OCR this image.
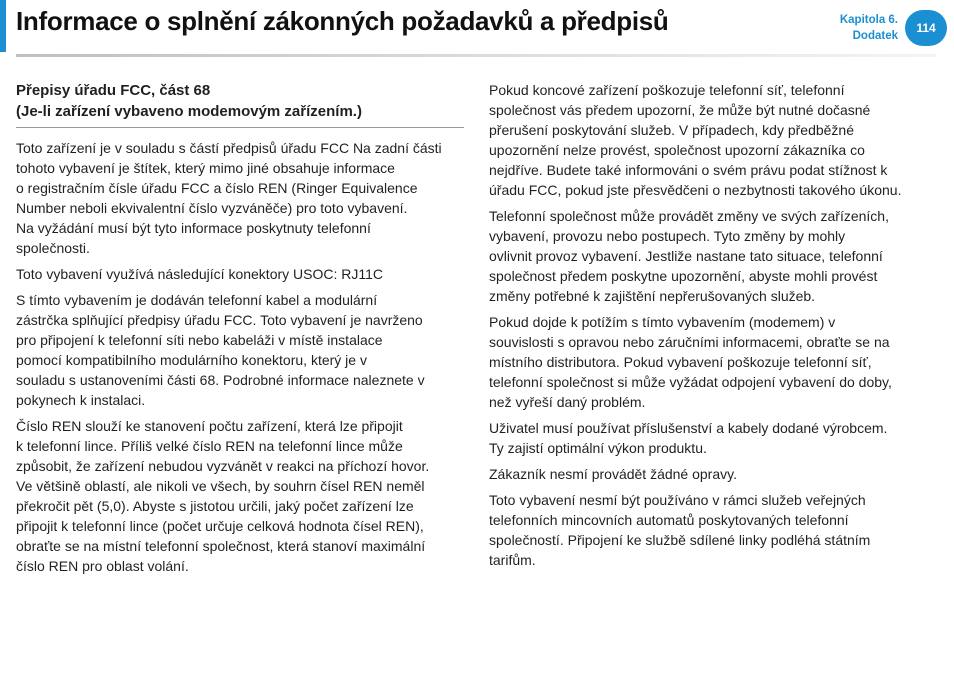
Informace o splnění zákonných požadavků a předpisů	Kapitola 6.
Dodatek
114
Přepisy úřadu FCC, část 68
(Je-li zařízení vybaveno modemovým zařízením.)

Toto zařízení je v souladu s částí předpisů úřadu FCC Na zadní části
tohoto vybavení je štítek, který mimo jiné obsahuje informace
o registračním čísle úřadu FCC a číslo REN (Ringer Equivalence
Number neboli ekvivalentní číslo vyzváněče) pro toto vybavení.
Na vyžádání musí být tyto informace poskytnuty telefonní
společnosti.

Toto vybavení využívá následující konektory USOC: RJ11C

S tímto vybavením je dodáván telefonní kabel a modulární
zástrčka splňující předpisy úřadu FCC. Toto vybavení je navrženo
pro připojení k telefonní síti nebo kabeláži v místě instalace
pomocí kompatibilního modulárního konektoru, který je v
souladu s ustanoveními části 68. Podrobné informace naleznete v
pokynech k instalaci.

Číslo REN slouží ke stanovení počtu zařízení, která lze připojit
k telefonní lince. Příliš velké číslo REN na telefonní lince může
způsobit, že zařízení nebudou vyzvánět v reakci na příchozí hovor.
Ve většině oblastí, ale nikoli ve všech, by souhrn čísel REN neměl
překročit pět (5,0). Abyste s jistotou určili, jaký počet zařízení lze
připojit k telefonní lince (počet určuje celková hodnota čísel REN),
obraťte se na místní telefonní společnost, která stanoví maximální
číslo REN pro oblast volání.

Pokud koncové zařízení poškozuje telefonní síť, telefonní
společnost vás předem upozorní, že může být nutné dočasné
přerušení poskytování služeb. V případech, kdy předběžné
upozornění nelze provést, společnost upozorní zákazníka co
nejdříve. Budete také informováni o svém právu podat stížnost k
úřadu FCC, pokud jste přesvědčeni o nezbytnosti takového úkonu.

Telefonní společnost může provádět změny ve svých zařízeních,
vybavení, provozu nebo postupech. Tyto změny by mohly
ovlivnit provoz vybavení. Jestliže nastane tato situace, telefonní
společnost předem poskytne upozornění, abyste mohli provést
změny potřebné k zajištění nepřerušovaných služeb.

Pokud dojde k potížím s tímto vybavením (modemem) v
souvislosti s opravou nebo záručními informacemi, obraťte se na
místního distributora. Pokud vybavení poškozuje telefonní síť,
telefonní společnost si může vyžádat odpojení vybavení do doby,
než vyřeší daný problém.

Uživatel musí používat příslušenství a kabely dodané výrobcem.
Ty zajistí optimální výkon produktu.

Zákazník nesmí provádět žádné opravy.

Toto vybavení nesmí být používáno v rámci služeb veřejných
telefonních mincovních automatů poskytovaných telefonní
společností. Připojení ke službě sdílené linky podléhá státním
tarifům.
